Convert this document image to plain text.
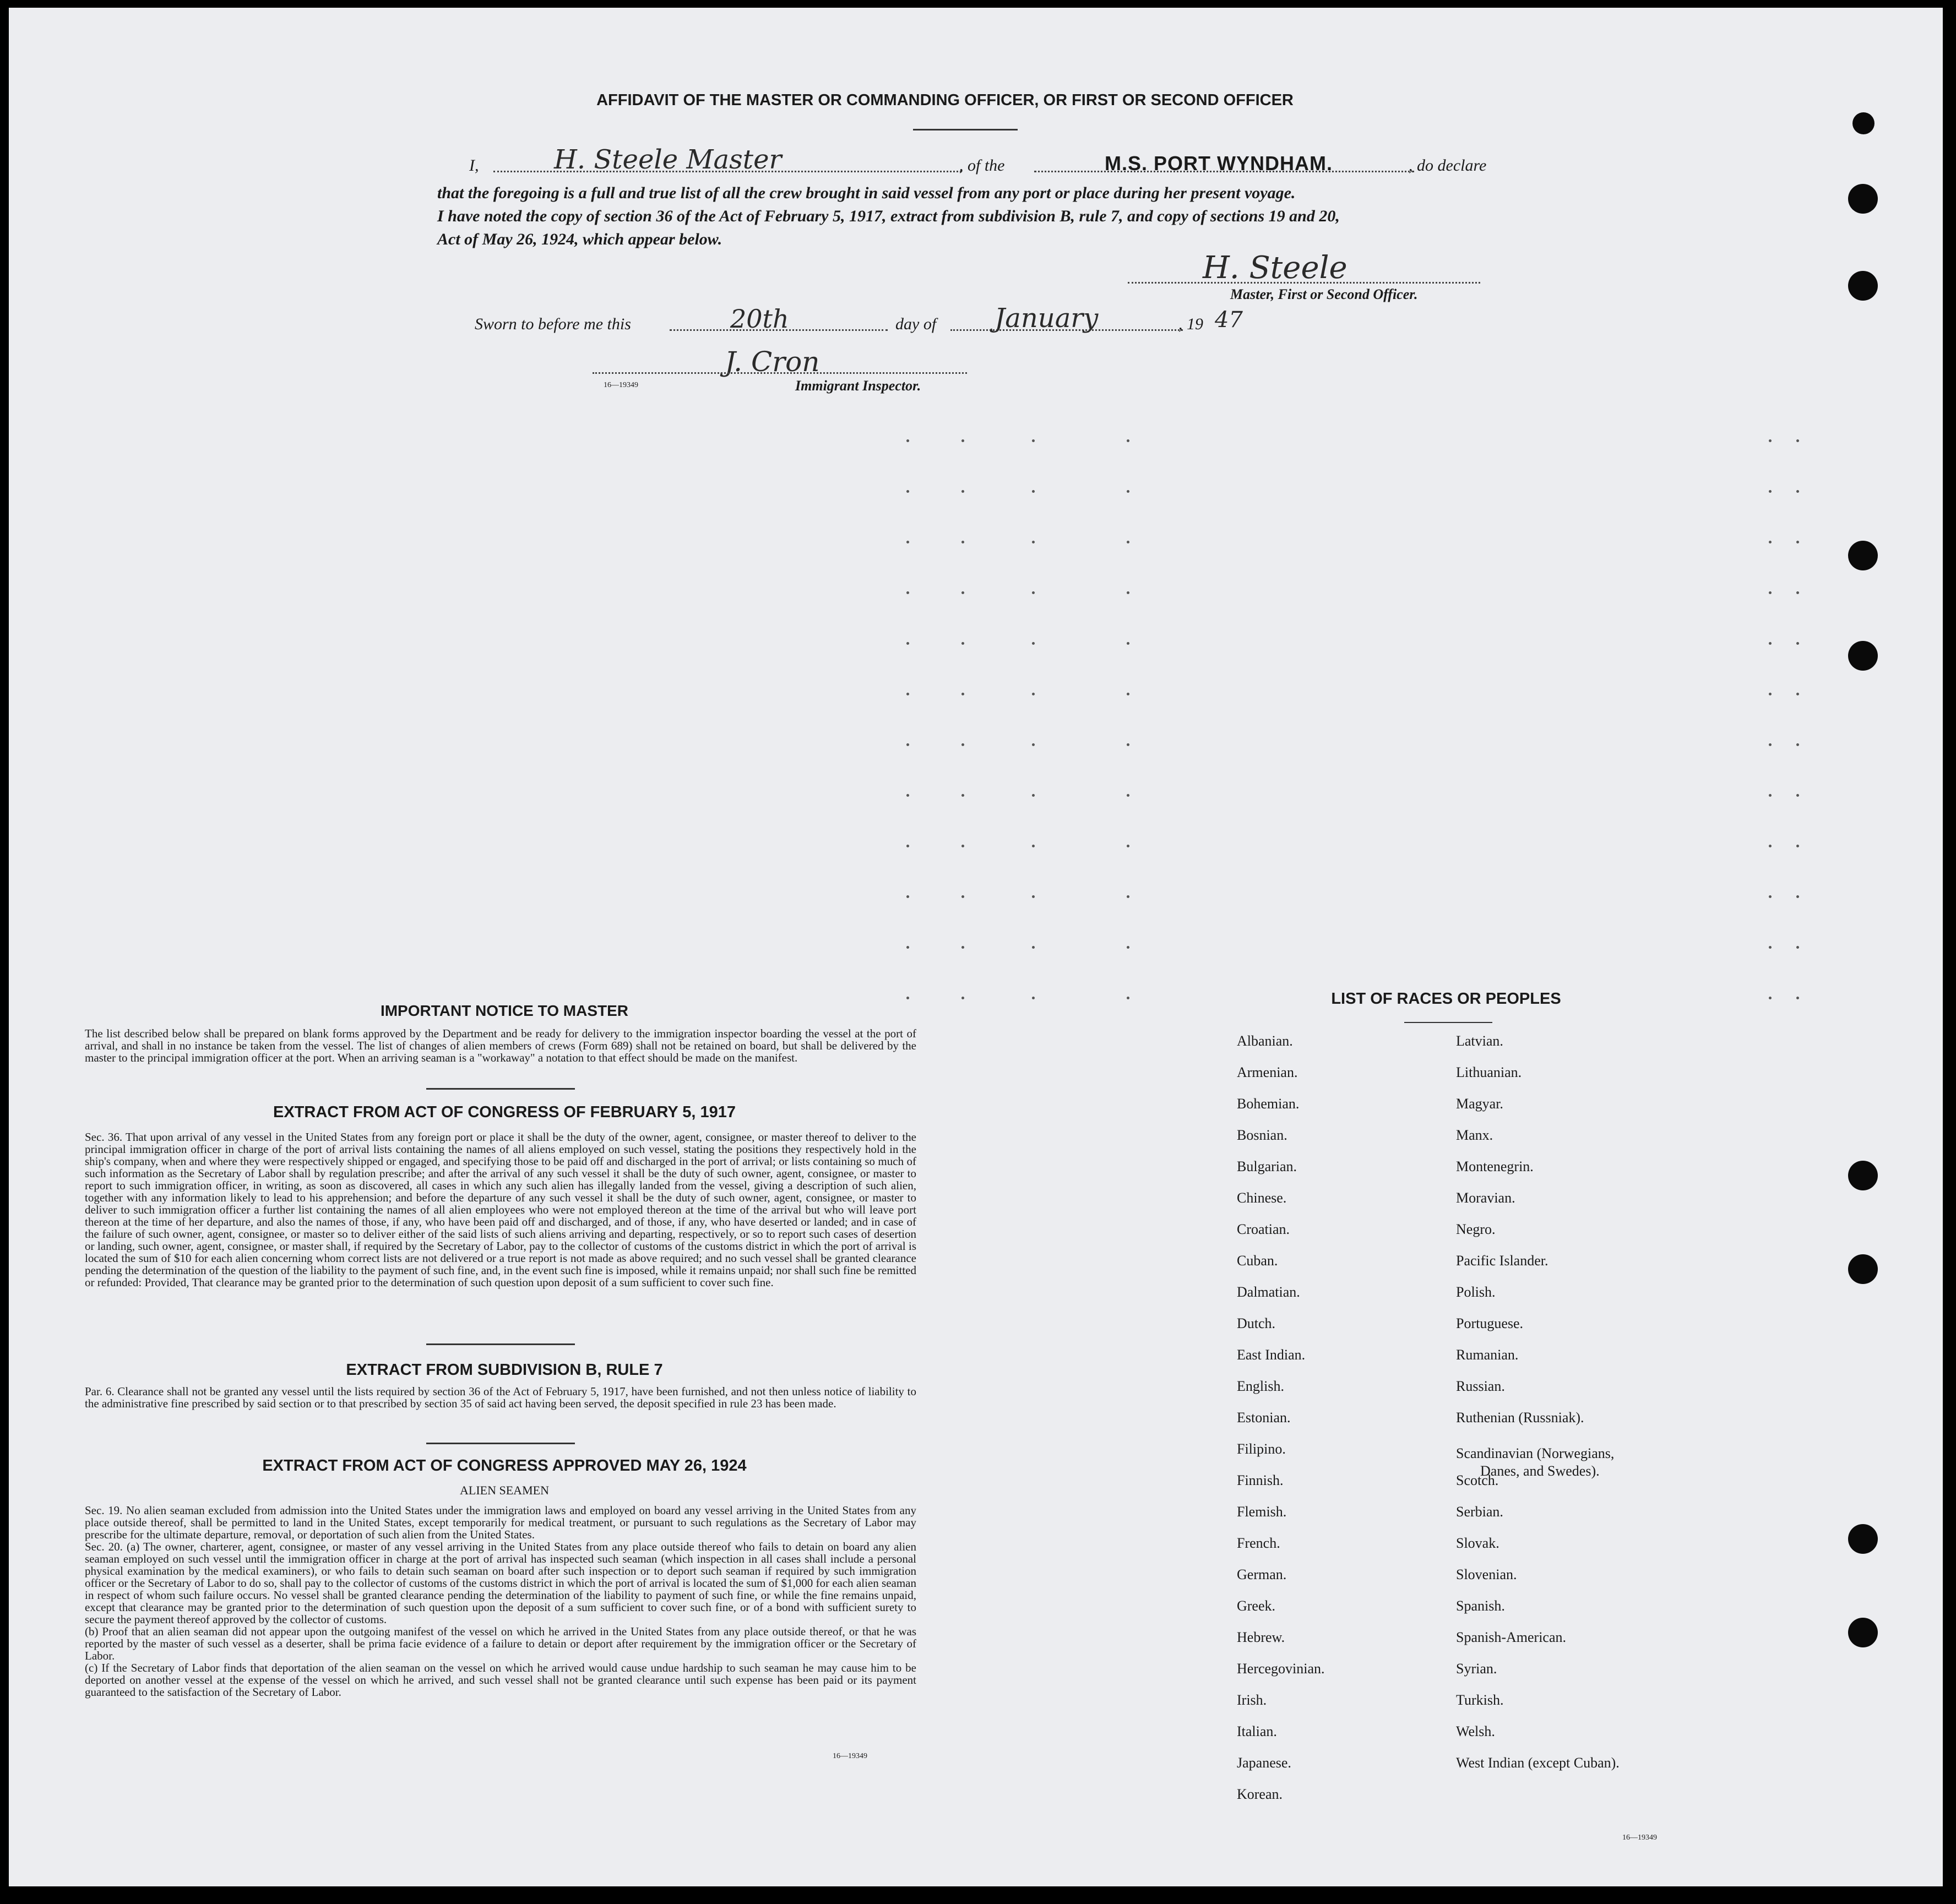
AFFIDAVIT OF THE MASTER OR COMMANDING OFFICER, OR FIRST OR SECOND OFFICER
I,	H. Steele Master	, of the	M.S. PORT WYNDHAM.	, do declare
that the foregoing is a full and true list of all the crew brought in said vessel from any port or place during her present voyage.
I have noted the copy of section 36 of the Act of February 5, 1917, extract from subdivision B, rule 7, and copy of sections 19 and 20,
Act of May 26, 1924, which appear below.
H. Steele
Master, First or Second Officer.
Sworn to before me this	20th	day of January	, 19 47
J. Cron
16—19349	Immigrant Inspector.
IMPORTANT NOTICE TO MASTER
The list described below shall be prepared on blank forms approved by the Department and be ready for delivery to the immigration inspector boarding the vessel at the port of arrival, and shall in no instance be taken from the vessel. The list of changes of alien members of crews (Form 689) shall not be retained on board, but shall be delivered by the master to the principal immigration officer at the port. When an arriving seaman is a "workaway" a notation to that effect should be made on the manifest.
EXTRACT FROM ACT OF CONGRESS OF FEBRUARY 5, 1917
Sec. 36. That upon arrival of any vessel in the United States from any foreign port or place it shall be the duty of the owner, agent, consignee, or master thereof to deliver to the principal immigration officer in charge of the port of arrival lists containing the names of all aliens employed on such vessel, stating the positions they respectively hold in the ship's company, when and where they were respectively shipped or engaged, and specifying those to be paid off and discharged in the port of arrival; or lists containing so much of such information as the Secretary of Labor shall by regulation prescribe; and after the arrival of any such vessel it shall be the duty of such owner, agent, consignee, or master to report to such immigration officer, in writing, as soon as discovered, all cases in which any such alien has illegally landed from the vessel, giving a description of such alien, together with any information likely to lead to his apprehension; and before the departure of any such vessel it shall be the duty of such owner, agent, consignee, or master to deliver to such immigration officer a further list containing the names of all alien employees who were not employed thereon at the time of the arrival but who will leave port thereon at the time of her departure, and also the names of those, if any, who have been paid off and discharged, and of those, if any, who have deserted or landed; and in case of the failure of such owner, agent, consignee, or master so to deliver either of the said lists of such aliens arriving and departing, respectively, or so to report such cases of desertion or landing, such owner, agent, consignee, or master shall, if required by the Secretary of Labor, pay to the collector of customs of the customs district in which the port of arrival is located the sum of $10 for each alien concerning whom correct lists are not delivered or a true report is not made as above required; and no such vessel shall be granted clearance pending the determination of the question of the liability to the payment of such fine, and, in the event such fine is imposed, while it remains unpaid; nor shall such fine be remitted or refunded: Provided, That clearance may be granted prior to the determination of such question upon deposit of a sum sufficient to cover such fine.
EXTRACT FROM SUBDIVISION B, RULE 7
Par. 6. Clearance shall not be granted any vessel until the lists required by section 36 of the Act of February 5, 1917, have been furnished, and not then unless notice of liability to the administrative fine prescribed by said section or to that prescribed by section 35 of said act having been served, the deposit specified in rule 23 has been made.
EXTRACT FROM ACT OF CONGRESS APPROVED MAY 26, 1924
ALIEN SEAMEN
Sec. 19. No alien seaman excluded from admission into the United States under the immigration laws and employed on board any vessel arriving in the United States from any place outside thereof, shall be permitted to land in the United States, except temporarily for medical treatment, or pursuant to such regulations as the Secretary of Labor may prescribe for the ultimate departure, removal, or deportation of such alien from the United States.
Sec. 20. (a) The owner, charterer, agent, consignee, or master of any vessel arriving in the United States from any place outside thereof who fails to detain on board any alien seaman employed on such vessel until the immigration officer in charge at the port of arrival has inspected such seaman (which inspection in all cases shall include a personal physical examination by the medical examiners), or who fails to detain such seaman on board after such inspection or to deport such seaman if required by such immigration officer or the Secretary of Labor to do so, shall pay to the collector of customs of the customs district in which the port of arrival is located the sum of $1,000 for each alien seaman in respect of whom such failure occurs. No vessel shall be granted clearance pending the determination of the liability to payment of such fine, or while the fine remains unpaid, except that clearance may be granted prior to the determination of such question upon the deposit of a sum sufficient to cover such fine, or of a bond with sufficient surety to secure the payment thereof approved by the collector of customs.
(b) Proof that an alien seaman did not appear upon the outgoing manifest of the vessel on which he arrived in the United States from any place outside thereof, or that he was reported by the master of such vessel as a deserter, shall be prima facie evidence of a failure to detain or deport after requirement by the immigration officer or the Secretary of Labor.
(c) If the Secretary of Labor finds that deportation of the alien seaman on the vessel on which he arrived would cause undue hardship to such seaman he may cause him to be deported on another vessel at the expense of the vessel on which he arrived, and such vessel shall not be granted clearance until such expense has been paid or its payment guaranteed to the satisfaction of the Secretary of Labor.
16—19349
LIST OF RACES OR PEOPLES
Albanian.
Armenian.
Bohemian.
Bosnian.
Bulgarian.
Chinese.
Croatian.
Cuban.
Dalmatian.
Dutch.
East Indian.
English.
Estonian.
Filipino.
Finnish.
Flemish.
French.
German.
Greek.
Hebrew.
Hercegovinian.
Irish.
Italian.
Japanese.
Korean.
Latvian.
Lithuanian.
Magyar.
Manx.
Montenegrin.
Moravian.
Negro.
Pacific Islander.
Polish.
Portuguese.
Rumanian.
Russian.
Ruthenian (Russniak).
Scandinavian (Norwegians,
Danes, and Swedes).
Scotch.
Serbian.
Slovak.
Slovenian.
Spanish.
Spanish-American.
Syrian.
Turkish.
Welsh.
West Indian (except Cuban).
16—19349
